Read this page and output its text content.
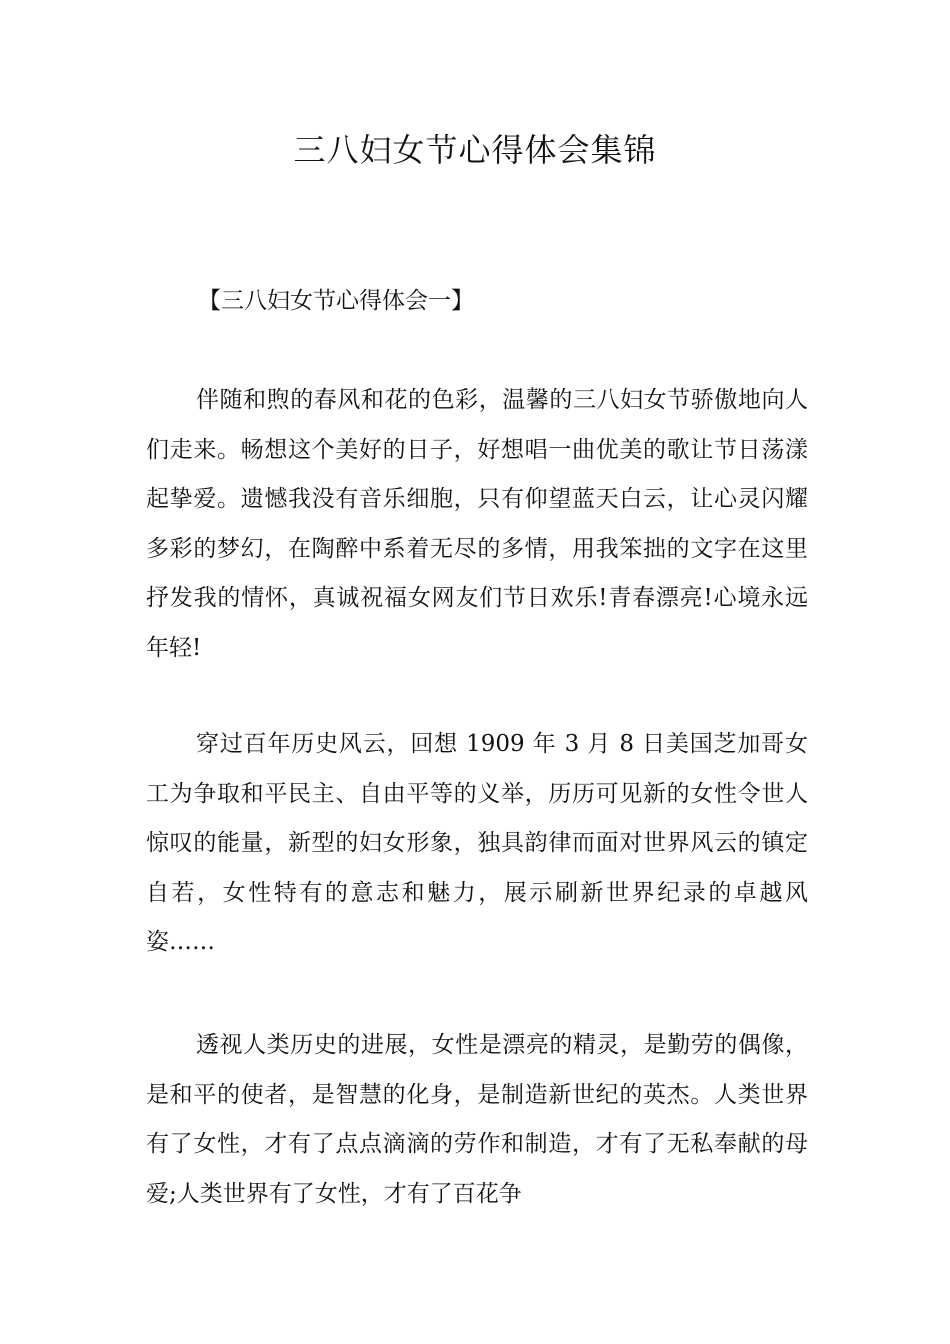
三八妇女节心得体会集锦

【三八妇女节心得体会一】

伴随和煦的春风和花的色彩，温馨的三八妇女节骄傲地向人们走来。畅想这个美好的日子，好想唱一曲优美的歌让节日荡漾起挚爱。遗憾我没有音乐细胞，只有仰望蓝天白云，让心灵闪耀多彩的梦幻，在陶醉中系着无尽的多情，用我笨拙的文字在这里抒发我的情怀，真诚祝福女网友们节日欢乐!青春漂亮!心境永远年轻!

穿过百年历史风云，回想 1909 年 3 月 8 日美国芝加哥女工为争取和平民主、自由平等的义举，历历可见新的女性令世人惊叹的能量，新型的妇女形象，独具韵律而面对世界风云的镇定自若，女性特有的意志和魅力，展示刷新世界纪录的卓越风姿……

透视人类历史的进展，女性是漂亮的精灵，是勤劳的偶像，是和平的使者，是智慧的化身，是制造新世纪的英杰。人类世界有了女性，才有了点点滴滴的劳作和制造，才有了无私奉献的母爱;人类世界有了女性，才有了百花争
